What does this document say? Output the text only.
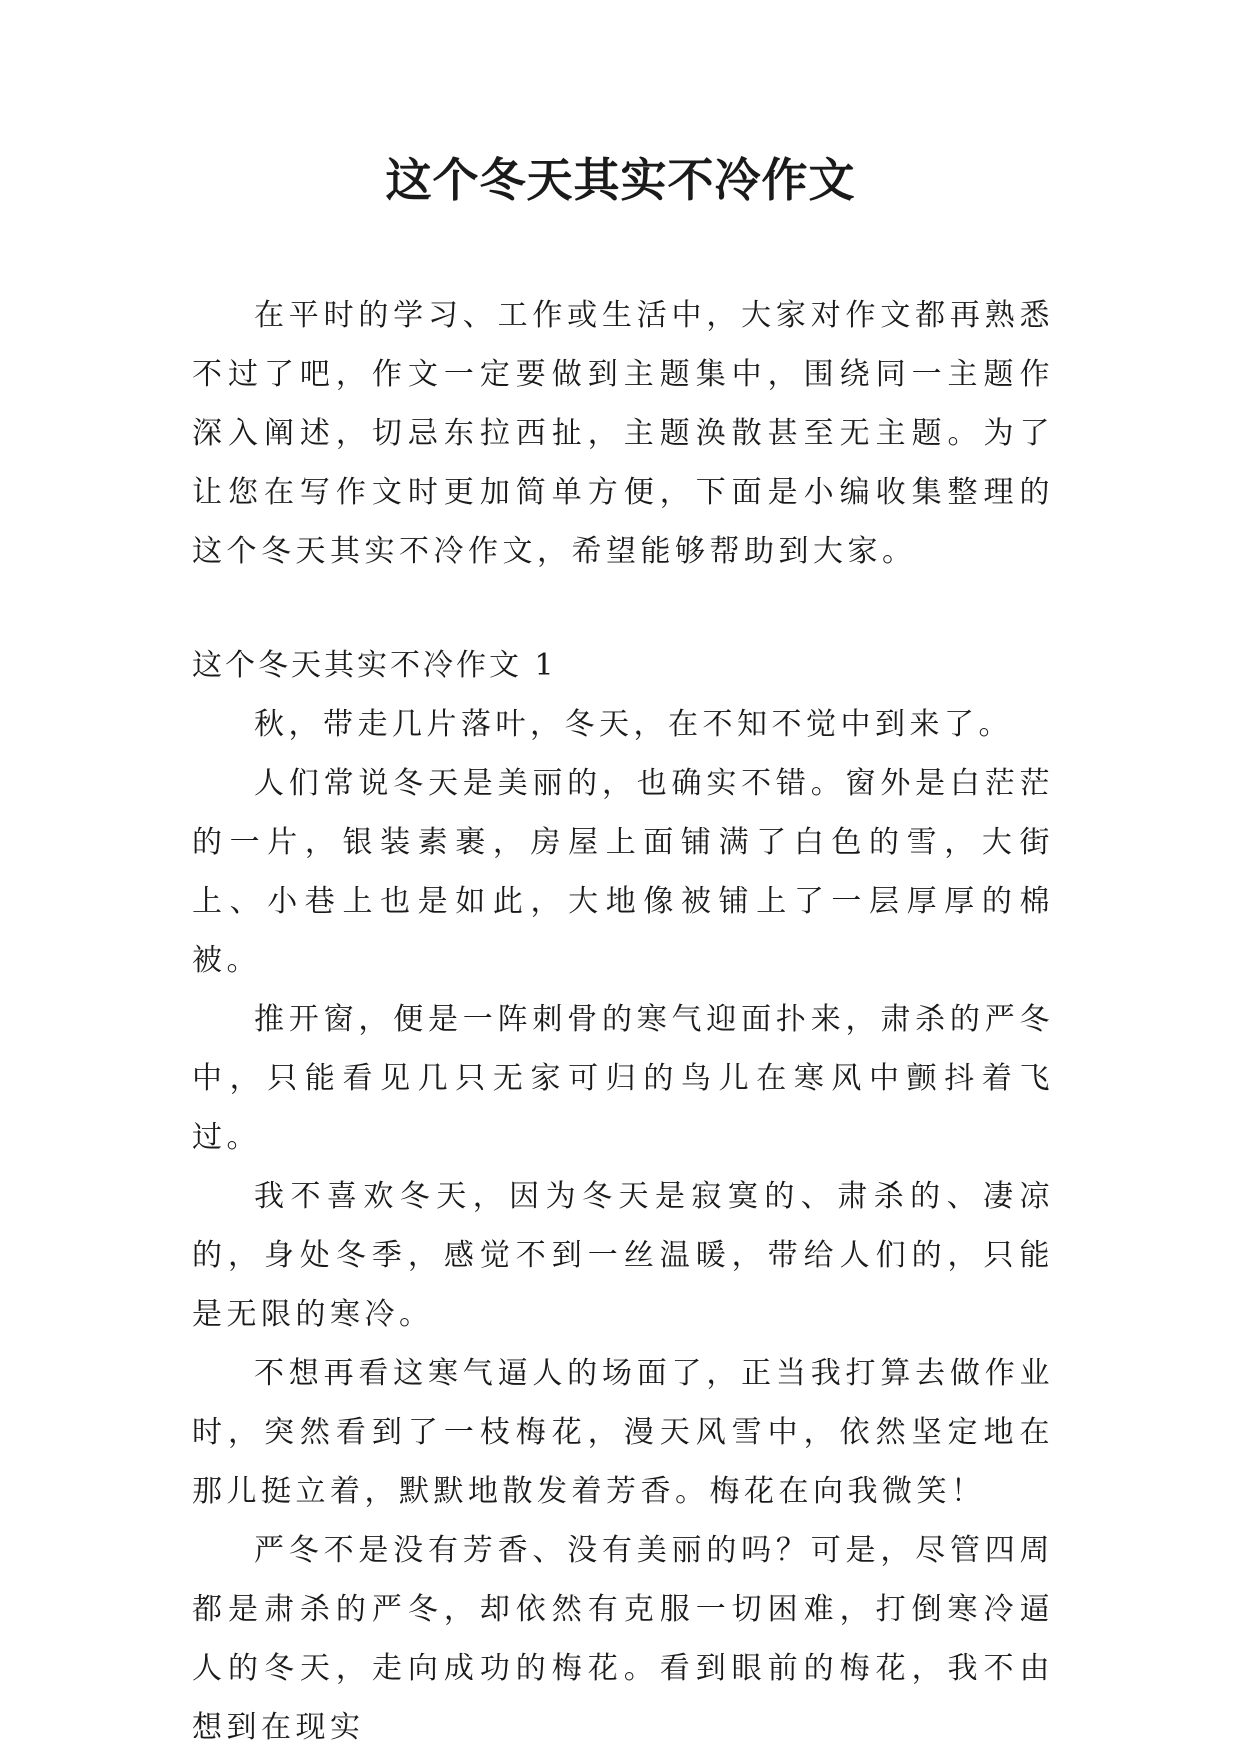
这个冬天其实不冷作文

在平时的学习、工作或生活中，大家对作文都再熟悉不过了吧，作文一定要做到主题集中，围绕同一主题作深入阐述，切忌东拉西扯，主题涣散甚至无主题。为了让您在写作文时更加简单方便，下面是小编收集整理的这个冬天其实不冷作文，希望能够帮助到大家。

这个冬天其实不冷作文 1

秋，带走几片落叶，冬天，在不知不觉中到来了。

人们常说冬天是美丽的，也确实不错。窗外是白茫茫的一片，银装素裹，房屋上面铺满了白色的雪，大街上、小巷上也是如此，大地像被铺上了一层厚厚的棉被。

推开窗，便是一阵刺骨的寒气迎面扑来，肃杀的严冬中，只能看见几只无家可归的鸟儿在寒风中颤抖着飞过。

我不喜欢冬天，因为冬天是寂寞的、肃杀的、凄凉的，身处冬季，感觉不到一丝温暖，带给人们的，只能是无限的寒冷。

不想再看这寒气逼人的场面了，正当我打算去做作业时，突然看到了一枝梅花，漫天风雪中，依然坚定地在那儿挺立着，默默地散发着芳香。梅花在向我微笑！

严冬不是没有芳香、没有美丽的吗？可是，尽管四周都是肃杀的严冬，却依然有克服一切困难，打倒寒冷逼人的冬天，走向成功的梅花。看到眼前的梅花，我不由想到在现实
